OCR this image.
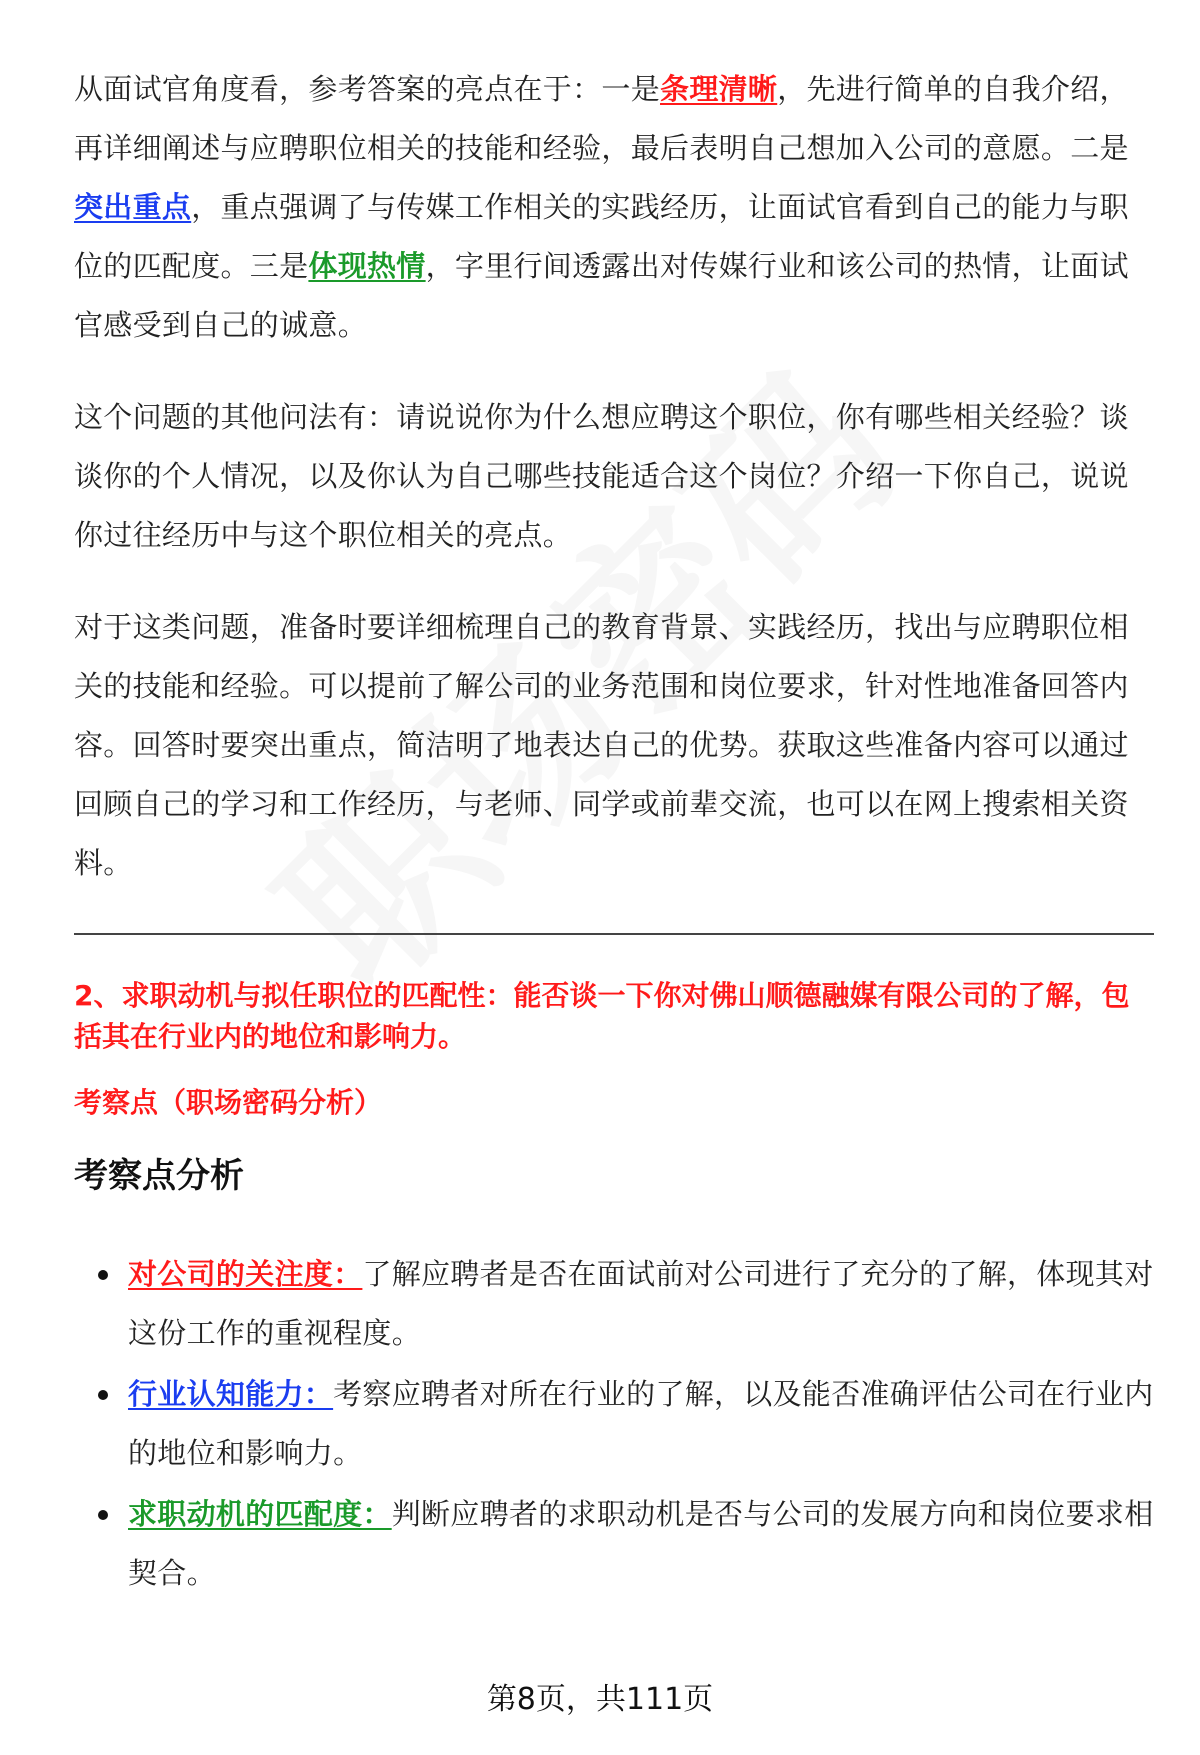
从面试官角度看，参考答案的亮点在于：一是条理清晰，先进行简单的自我介绍，再详细阐述与应聘职位相关的技能和经验，最后表明自己想加入公司的意愿。二是突出重点，重点强调了与传媒工作相关的实践经历，让面试官看到自己的能力与职位的匹配度。三是体现热情，字里行间透露出对传媒行业和该公司的热情，让面试官感受到自己的诚意。

这个问题的其他问法有：请说说你为什么想应聘这个职位，你有哪些相关经验？谈谈你的个人情况，以及你认为自己哪些技能适合这个岗位？介绍一下你自己，说说你过往经历中与这个职位相关的亮点。

对于这类问题，准备时要详细梳理自己的教育背景、实践经历，找出与应聘职位相关的技能和经验。可以提前了解公司的业务范围和岗位要求，针对性地准备回答内容。回答时要突出重点，简洁明了地表达自己的优势。获取这些准备内容可以通过回顾自己的学习和工作经历，与老师、同学或前辈交流，也可以在网上搜索相关资料。

2、求职动机与拟任职位的匹配性：能否谈一下你对佛山顺德融媒有限公司的了解，包括其在行业内的地位和影响力。
考察点（职场密码分析）
考察点分析
对公司的关注度：了解应聘者是否在面试前对公司进行了充分的了解，体现其对这份工作的重视程度。
行业认知能力：考察应聘者对所在行业的了解，以及能否准确评估公司在行业内的地位和影响力。
求职动机的匹配度：判断应聘者的求职动机是否与公司的发展方向和岗位要求相契合。
第8页，共111页
